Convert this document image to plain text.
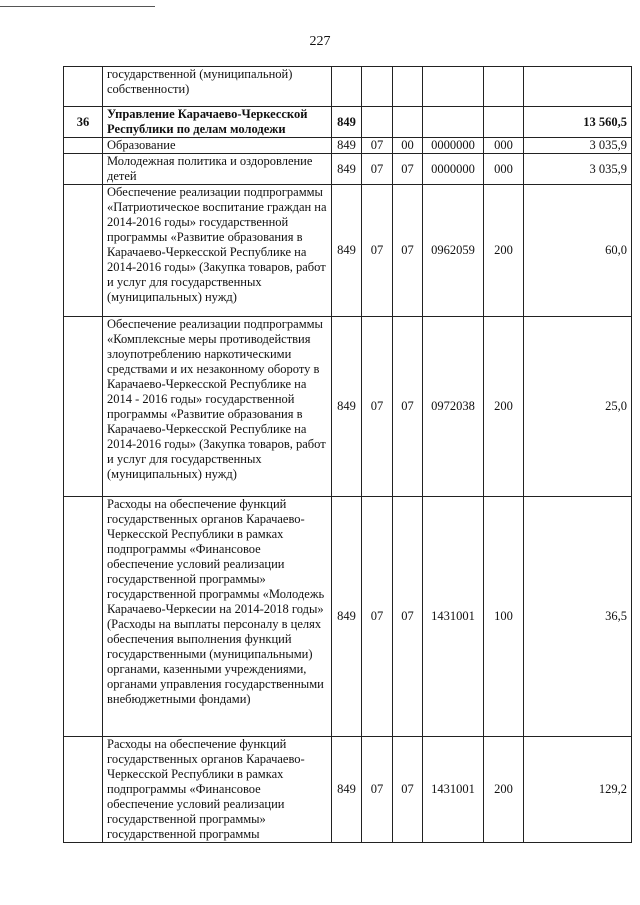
227
	государственной (муниципальной) собственности)						
36	Управление Карачаево-Черкесской Республики по делам молодежи	849					13 560,5
	Образование	849	07	00	0000000	000	3 035,9
	Молодежная политика и оздоровление детей	849	07	07	0000000	000	3 035,9
	Обеспечение реализации подпрограммы «Патриотическое воспитание граждан на 2014-2016 годы» государственной программы «Развитие образования в Карачаево-Черкесской Республике на 2014-2016 годы» (Закупка товаров, работ и услуг для государственных (муниципальных) нужд)	849	07	07	0962059	200	60,0
	Обеспечение реализации подпрограммы «Комплексные меры противодействия злоупотреблению наркотическими средствами и их незаконному обороту в Карачаево-Черкесской Республике на 2014 - 2016 годы» государственной программы «Развитие образования в Карачаево-Черкесской Республике на 2014-2016 годы» (Закупка товаров, работ и услуг для государственных (муниципальных) нужд)	849	07	07	0972038	200	25,0
	Расходы на обеспечение функций государственных органов Карачаево-Черкесской Республики в рамках подпрограммы «Финансовое обеспечение условий реализации государственной программы» государственной программы «Молодежь Карачаево-Черкесии на 2014-2018 годы» (Расходы на выплаты персоналу в целях обеспечения выполнения функций государственными (муниципальными) органами, казенными учреждениями, органами управления государственными внебюджетными фондами)	849	07	07	1431001	100	36,5
	Расходы на обеспечение функций государственных органов Карачаево-Черкесской Республики в рамках подпрограммы «Финансовое обеспечение условий реализации государственной программы» государственной программы	849	07	07	1431001	200	129,2
